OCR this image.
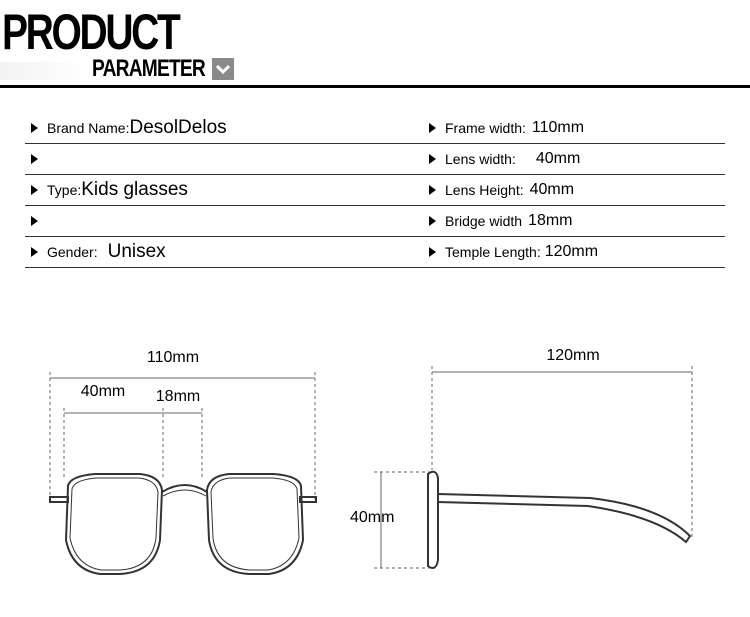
PRODUCT
PARAMETER
Brand Name: DesolDelos	Frame width: 110mm
Lens width: 40mm
Type: Kids glasses	Lens Height: 40mm
Bridge width 18mm
Gender: Unisex	Temple Length: 120mm
110mm
40mm 18mm
120mm
40mm
